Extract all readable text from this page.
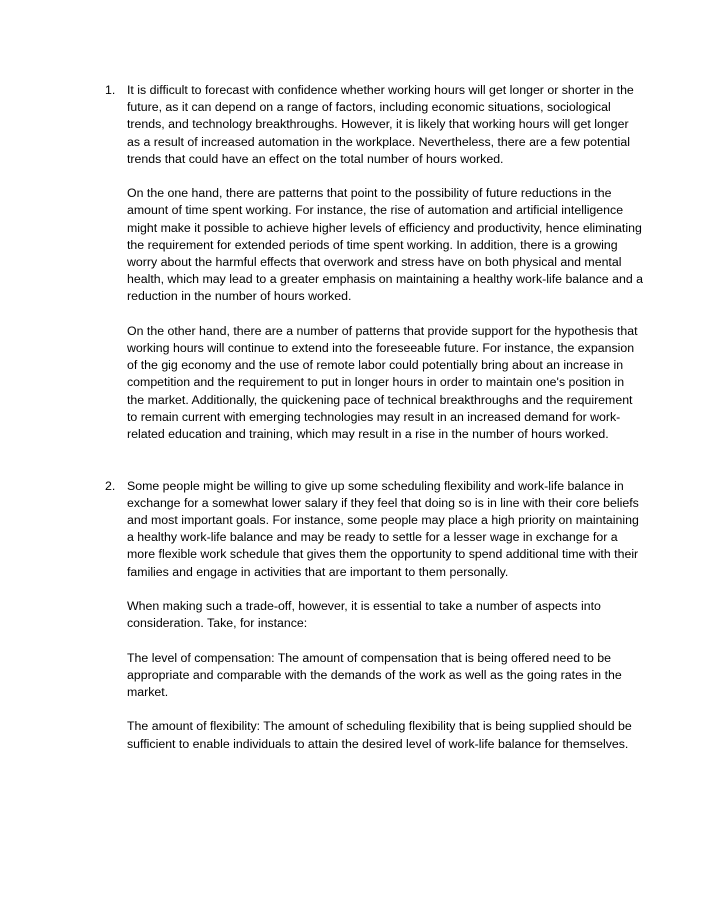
1. It is difficult to forecast with confidence whether working hours will get longer or shorter in the future, as it can depend on a range of factors, including economic situations, sociological trends, and technology breakthroughs. However, it is likely that working hours will get longer as a result of increased automation in the workplace. Nevertheless, there are a few potential trends that could have an effect on the total number of hours worked.

On the one hand, there are patterns that point to the possibility of future reductions in the amount of time spent working. For instance, the rise of automation and artificial intelligence might make it possible to achieve higher levels of efficiency and productivity, hence eliminating the requirement for extended periods of time spent working. In addition, there is a growing worry about the harmful effects that overwork and stress have on both physical and mental health, which may lead to a greater emphasis on maintaining a healthy work-life balance and a reduction in the number of hours worked.

On the other hand, there are a number of patterns that provide support for the hypothesis that working hours will continue to extend into the foreseeable future. For instance, the expansion of the gig economy and the use of remote labor could potentially bring about an increase in competition and the requirement to put in longer hours in order to maintain one's position in the market. Additionally, the quickening pace of technical breakthroughs and the requirement to remain current with emerging technologies may result in an increased demand for work-related education and training, which may result in a rise in the number of hours worked.

2. Some people might be willing to give up some scheduling flexibility and work-life balance in exchange for a somewhat lower salary if they feel that doing so is in line with their core beliefs and most important goals. For instance, some people may place a high priority on maintaining a healthy work-life balance and may be ready to settle for a lesser wage in exchange for a more flexible work schedule that gives them the opportunity to spend additional time with their families and engage in activities that are important to them personally.

When making such a trade-off, however, it is essential to take a number of aspects into consideration. Take, for instance:

The level of compensation: The amount of compensation that is being offered need to be appropriate and comparable with the demands of the work as well as the going rates in the market.

The amount of flexibility: The amount of scheduling flexibility that is being supplied should be sufficient to enable individuals to attain the desired level of work-life balance for themselves.
